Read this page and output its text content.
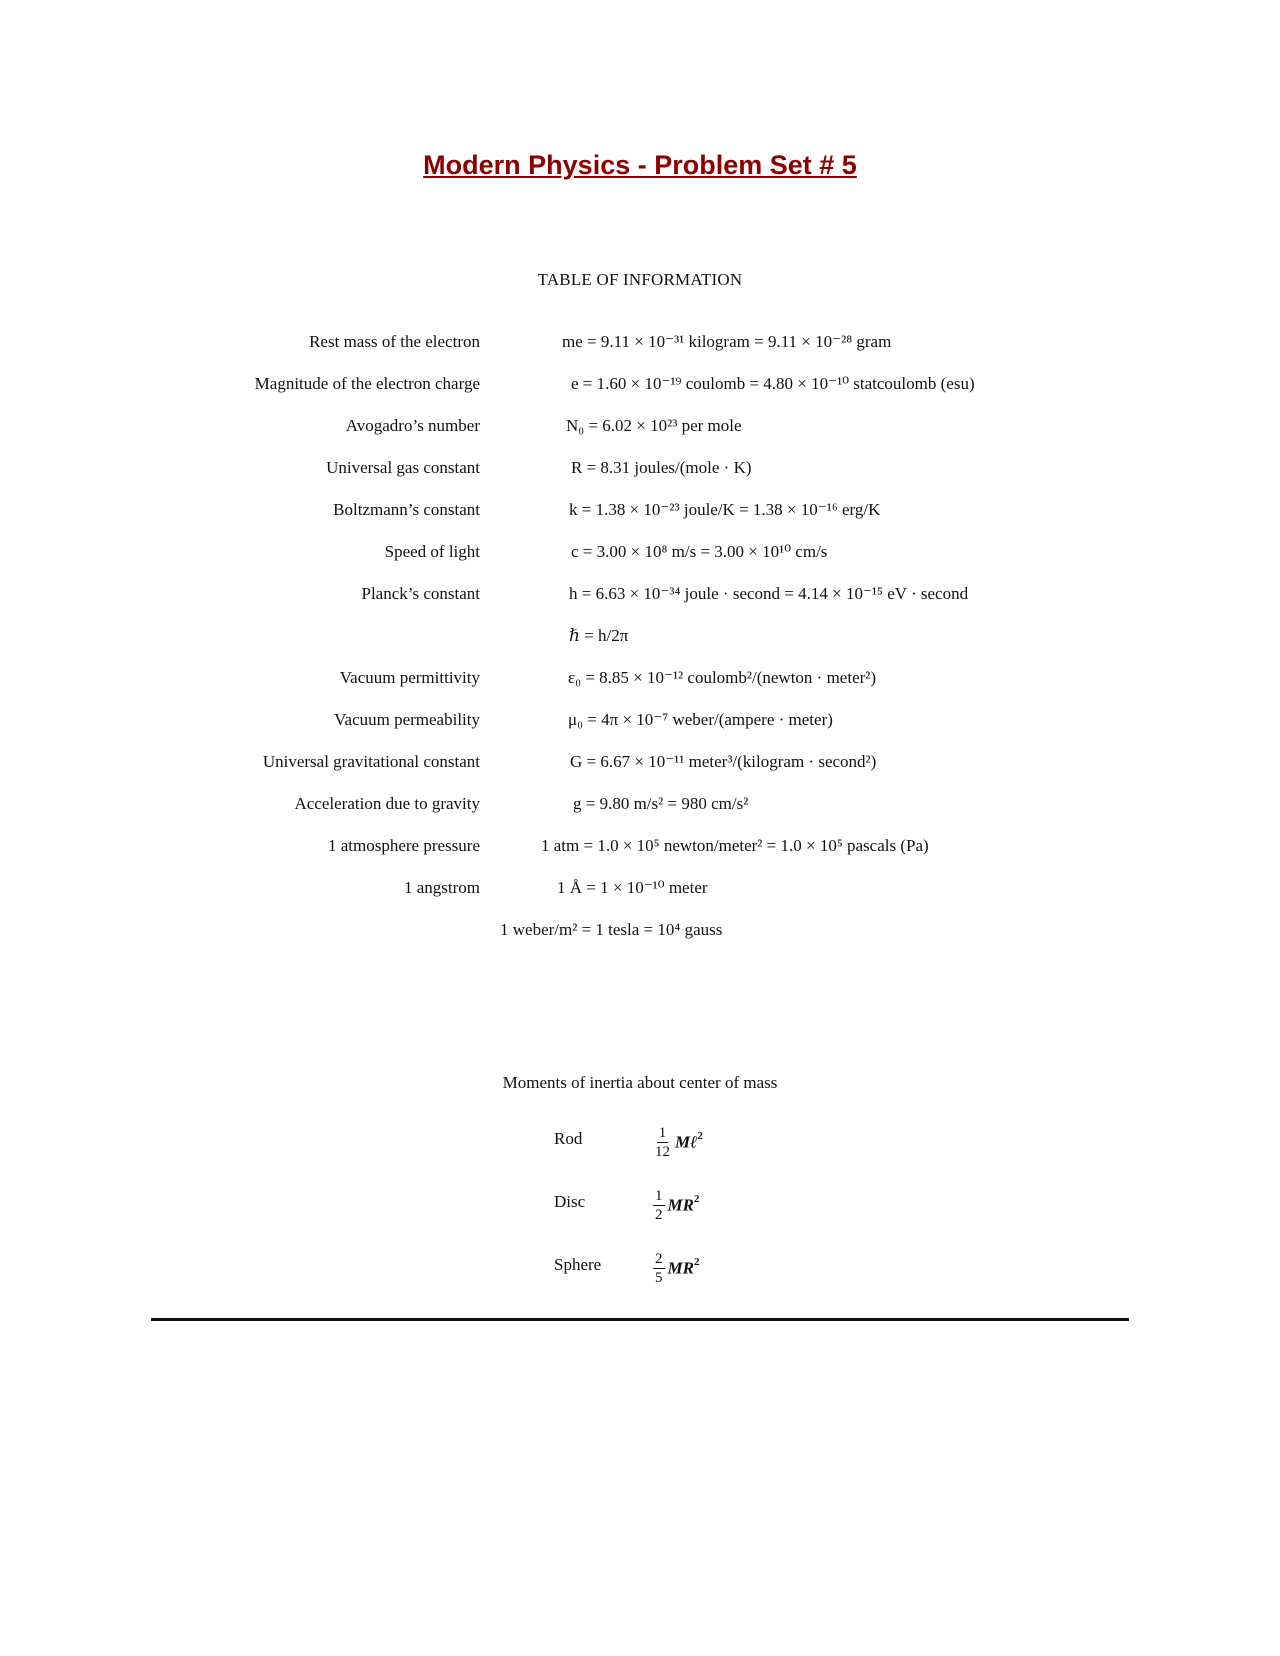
Modern Physics - Problem Set # 5
TABLE OF INFORMATION
Rest mass of the electron	me = 9.11 × 10⁻³¹ kilogram = 9.11 × 10⁻²⁸ gram
Magnitude of the electron charge	e = 1.60 × 10⁻¹⁹ coulomb = 4.80 × 10⁻¹⁰ statcoulomb (esu)
Avogadro’s number	N₀ = 6.02 × 10²³ per mole
Universal gas constant	R = 8.31 joules/(mole · K)
Boltzmann’s constant	k = 1.38 × 10⁻²³ joule/K = 1.38 × 10⁻¹⁶ erg/K
Speed of light	c = 3.00 × 10⁸ m/s = 3.00 × 10¹⁰ cm/s
Planck’s constant	h = 6.63 × 10⁻³⁴ joule · second = 4.14 × 10⁻¹⁵ eV · second
ℏ = h/2π
Vacuum permittivity	ε₀ = 8.85 × 10⁻¹² coulomb²/(newton · meter²)
Vacuum permeability	μ₀ = 4π × 10⁻⁷ weber/(ampere · meter)
Universal gravitational constant	G = 6.67 × 10⁻¹¹ meter³/(kilogram · second²)
Acceleration due to gravity	g = 9.80 m/s² = 980 cm/s²
1 atmosphere pressure	1 atm = 1.0 × 10⁵ newton/meter² = 1.0 × 10⁵ pascals (Pa)
1 angstrom	1 Å = 1 × 10⁻¹⁰ meter
1 weber/m² = 1 tesla = 10⁴ gauss
Moments of inertia about center of mass
Rod	$\frac{1}{12}$ Mℓ$^2$
Disc	$\frac{1}{2} MR^2$
Sphere	$\frac{2}{5} MR^2$
